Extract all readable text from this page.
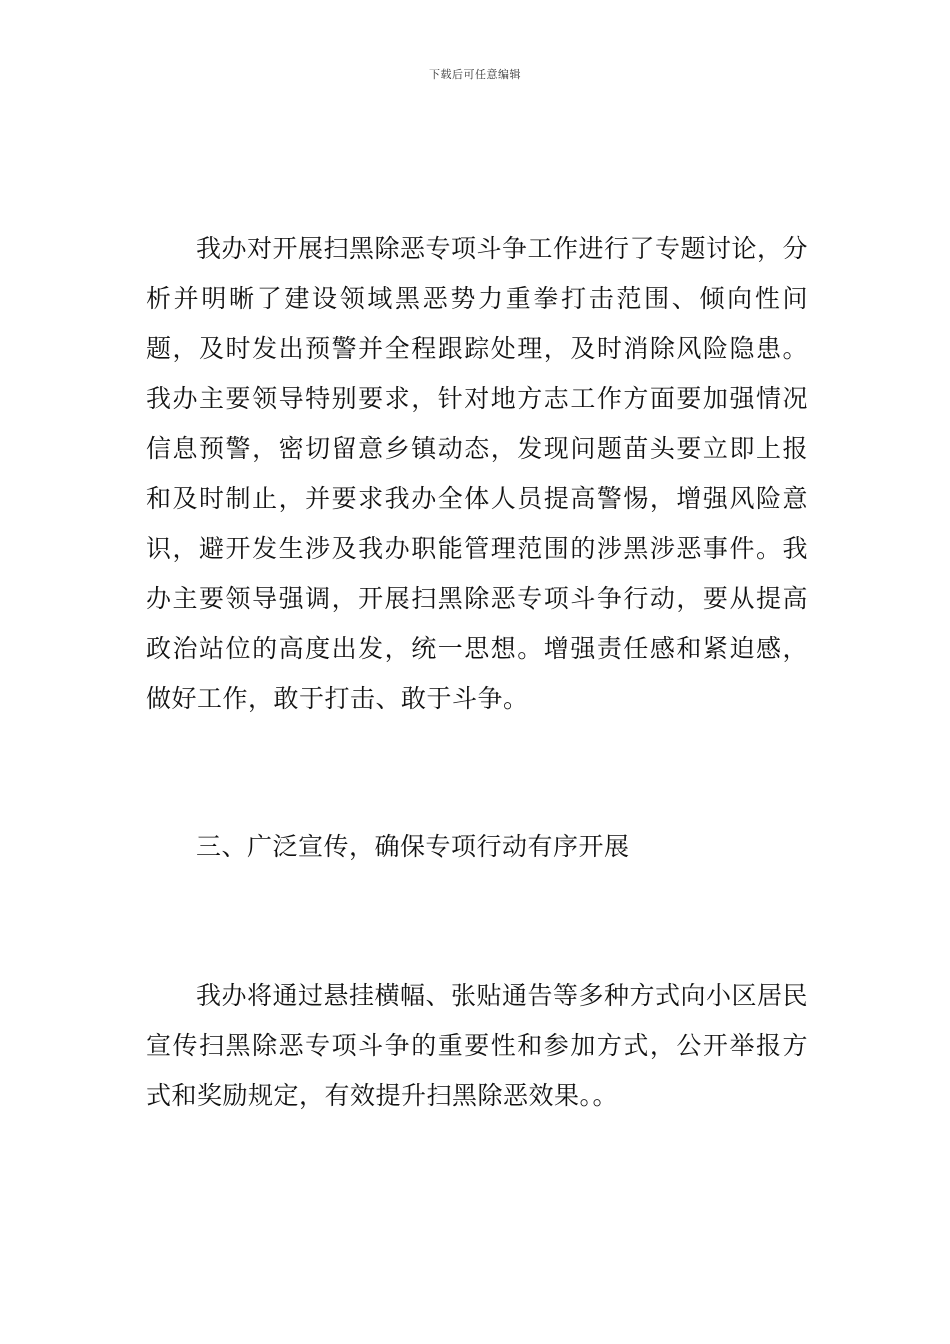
下载后可任意编辑

我办对开展扫黑除恶专项斗争工作进行了专题讨论，分析并明晰了建设领域黑恶势力重拳打击范围、倾向性问题，及时发出预警并全程跟踪处理，及时消除风险隐患。我办主要领导特别要求，针对地方志工作方面要加强情况信息预警，密切留意乡镇动态，发现问题苗头要立即上报和及时制止，并要求我办全体人员提高警惕，增强风险意识，避开发生涉及我办职能管理范围的涉黑涉恶事件。我办主要领导强调，开展扫黑除恶专项斗争行动，要从提高政治站位的高度出发，统一思想。增强责任感和紧迫感，做好工作，敢于打击、敢于斗争。

三、广泛宣传，确保专项行动有序开展

我办将通过悬挂横幅、张贴通告等多种方式向小区居民宣传扫黑除恶专项斗争的重要性和参加方式，公开举报方式和奖励规定，有效提升扫黑除恶效果。。
